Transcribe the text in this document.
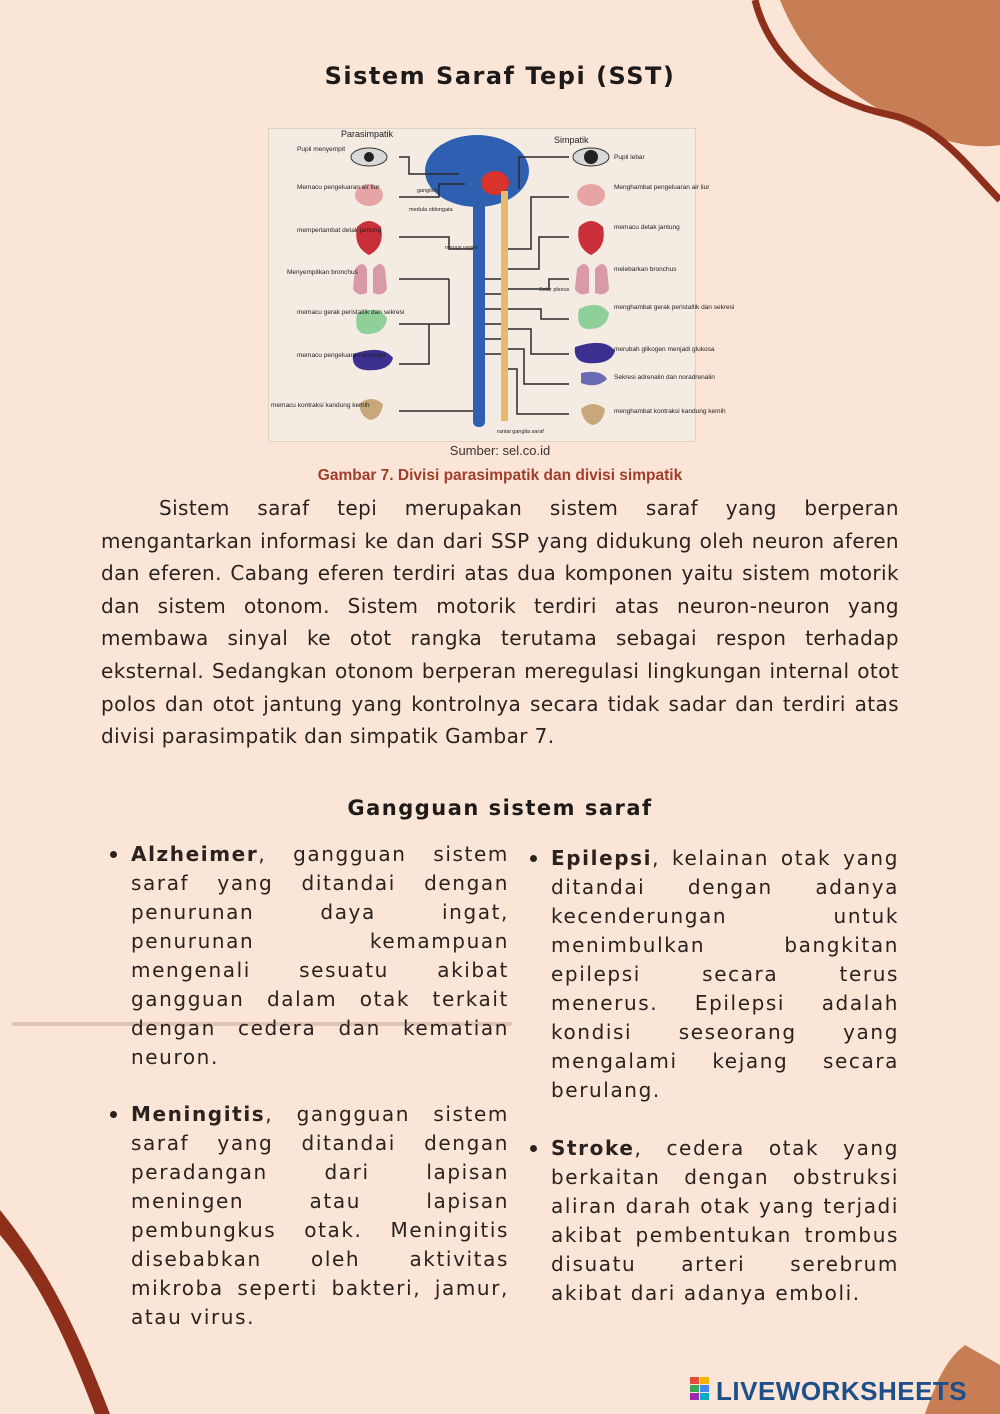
Sistem Saraf Tepi (SST)
Parasimpatik
Simpatik
Pupil menyempit
Memacu pengeluaran air liur
memperlambat detak jantung
Menyempitkan bronchus
memacu gerak peristaltik dan sekresi
memacu pengeluaran empedu
memacu kontraksi kandung kemih
Pupil lebar
Menghambat pengeluaran air liur
memacu detak jantung
melebarkan bronchus
menghambat gerak peristaltik dan sekresi
merubah glikogen menjadi glukosa
Sekresi adrenalin dan noradrenalin
menghambat kontraksi kandung kemih
ganglion
medula oblongata
nervus vagus
Solar plexus
rantai ganglia saraf
Sumber: sel.co.id
Gambar 7. Divisi parasimpatik dan divisi simpatik

Sistem saraf tepi merupakan sistem saraf yang berperan mengantarkan informasi ke dan dari SSP yang didukung oleh neuron aferen dan eferen. Cabang eferen terdiri atas dua komponen yaitu sistem motorik dan sistem otonom. Sistem motorik terdiri atas neuron-neuron yang membawa sinyal ke otot rangka terutama sebagai respon terhadap eksternal. Sedangkan otonom berperan meregulasi lingkungan internal otot polos dan otot jantung yang kontrolnya secara tidak sadar dan terdiri atas divisi parasimpatik dan simpatik Gambar 7.

Gangguan sistem saraf
Alzheimer, gangguan sistem saraf yang ditandai dengan penurunan daya ingat, penurunan kemampuan mengenali sesuatu akibat gangguan dalam otak terkait dengan cedera dan kematian neuron.
Meningitis, gangguan sistem saraf yang ditandai dengan peradangan dari lapisan meningen atau lapisan pembungkus otak. Meningitis disebabkan oleh aktivitas mikroba seperti bakteri, jamur, atau virus.
Epilepsi, kelainan otak yang ditandai dengan adanya kecenderungan untuk menimbulkan bangkitan epilepsi secara terus menerus. Epilepsi adalah kondisi seseorang yang mengalami kejang secara berulang.
Stroke, cedera otak yang berkaitan dengan obstruksi aliran darah otak yang terjadi akibat pembentukan trombus disuatu arteri serebrum akibat dari adanya emboli.
LIVEWORKSHEETS
